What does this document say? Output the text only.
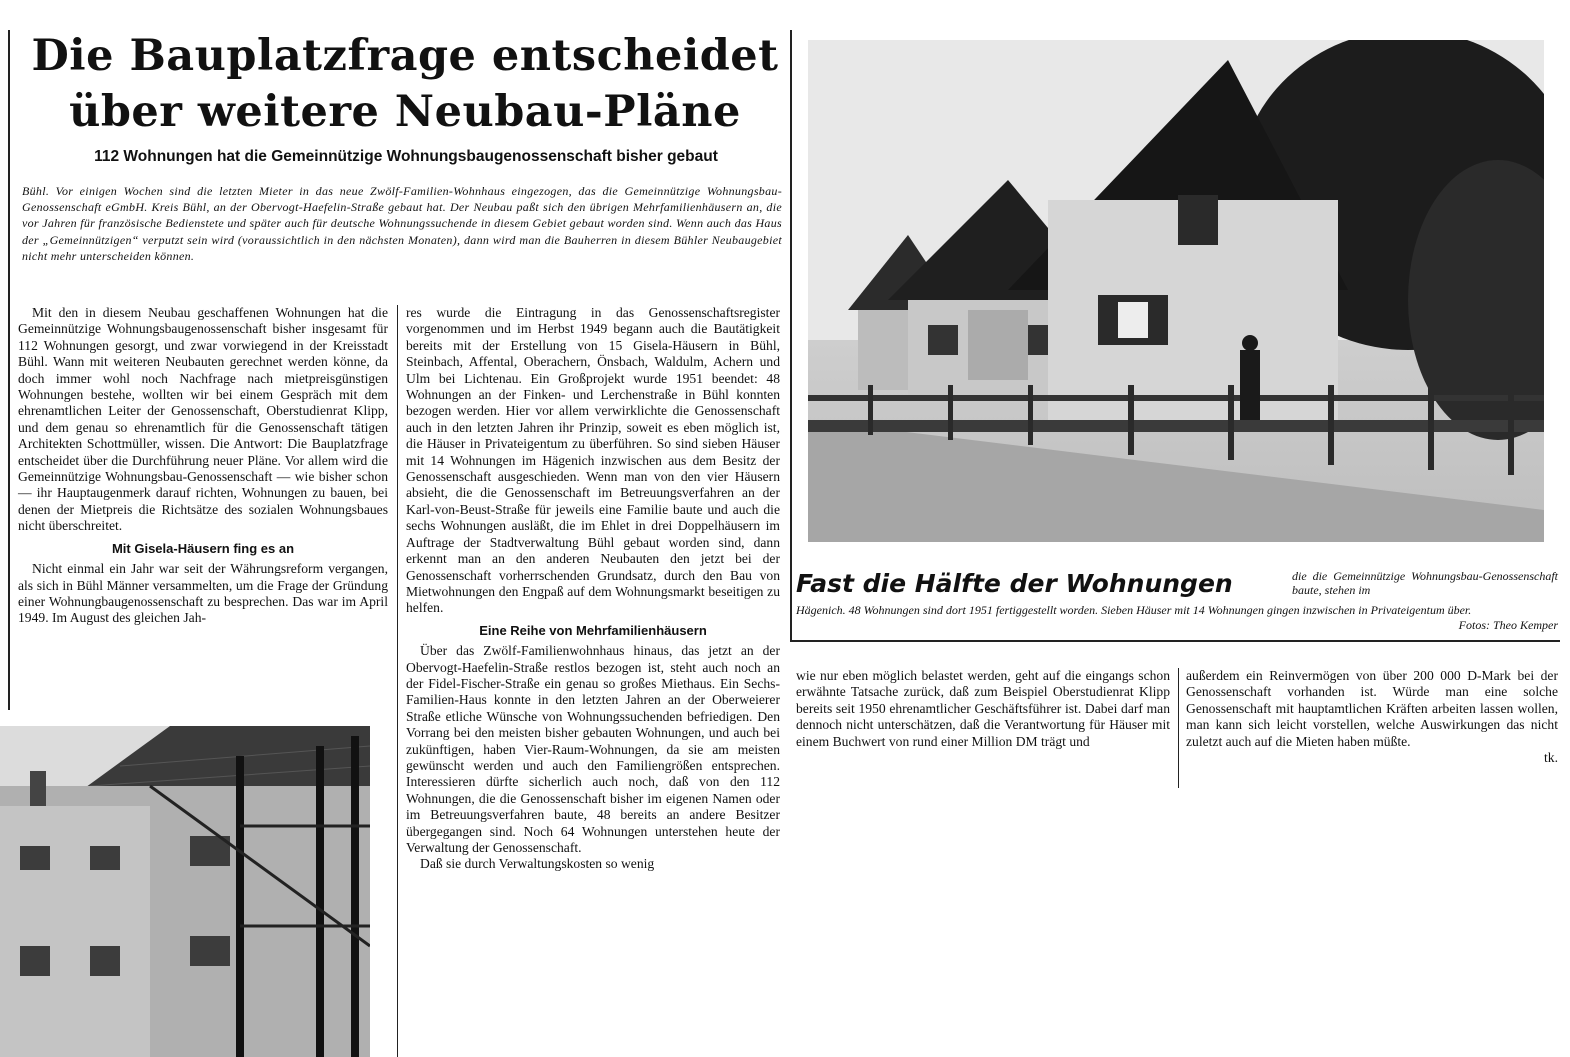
Die Bauplatzfrage entscheidet
über weitere Neubau-Pläne
112 Wohnungen hat die Gemeinnützige Wohnungsbaugenossenschaft bisher gebaut
Bühl. Vor einigen Wochen sind die letzten Mieter in das neue Zwölf-Familien-Wohnhaus eingezogen, das die Gemeinnützige Wohnungsbau-Genossenschaft eGmbH. Kreis Bühl, an der Obervogt-Haefelin-Straße gebaut hat. Der Neubau paßt sich den übrigen Mehrfamilienhäusern an, die vor Jahren für französische Bedienstete und später auch für deutsche Wohnungssuchende in diesem Gebiet gebaut worden sind. Wenn auch das Haus der „Gemeinnützigen“ verputzt sein wird (voraussichtlich in den nächsten Monaten), dann wird man die Bauherren in diesem Bühler Neubaugebiet nicht mehr unterscheiden können.

Mit den in diesem Neubau geschaffenen Wohnungen hat die Gemeinnützige Wohnungsbaugenossenschaft bisher insgesamt für 112 Wohnungen gesorgt, und zwar vorwiegend in der Kreisstadt Bühl. Wann mit weiteren Neubauten gerechnet werden könne, da doch immer wohl noch Nachfrage nach mietpreisgünstigen Wohnungen bestehe, wollten wir bei einem Gespräch mit dem ehrenamtlichen Leiter der Genossenschaft, Oberstudienrat Klipp, und dem genau so ehrenamtlich für die Genossenschaft tätigen Architekten Schottmüller, wissen. Die Antwort: Die Bauplatzfrage entscheidet über die Durchführung neuer Pläne. Vor allem wird die Gemeinnützige Wohnungsbau-Genossenschaft — wie bisher schon — ihr Hauptaugenmerk darauf richten, Wohnungen zu bauen, bei denen der Mietpreis die Richtsätze des sozialen Wohnungsbaues nicht überschreitet.

Mit Gisela-Häusern fing es an

Nicht einmal ein Jahr war seit der Währungsreform vergangen, als sich in Bühl Männer versammelten, um die Frage der Gründung einer Wohnungbaugenossenschaft zu besprechen. Das war im April 1949. Im August des gleichen Jah-

res wurde die Eintragung in das Genossenschaftsregister vorgenommen und im Herbst 1949 begann auch die Bautätigkeit bereits mit der Erstellung von 15 Gisela-Häusern in Bühl, Steinbach, Affental, Oberachern, Önsbach, Waldulm, Achern und Ulm bei Lichtenau. Ein Großprojekt wurde 1951 beendet: 48 Wohnungen an der Finken- und Lerchenstraße in Bühl konnten bezogen werden. Hier vor allem verwirklichte die Genossenschaft auch in den letzten Jahren ihr Prinzip, soweit es eben möglich ist, die Häuser in Privateigentum zu überführen. So sind sieben Häuser mit 14 Wohnungen im Hägenich inzwischen aus dem Besitz der Genossenschaft ausgeschieden. Wenn man von den vier Häusern absieht, die die Genossenschaft im Betreuungsverfahren an der Karl-von-Beust-Straße für jeweils eine Familie baute und auch die sechs Wohnungen ausläßt, die im Ehlet in drei Doppelhäusern im Auftrage der Stadtverwaltung Bühl gebaut worden sind, dann erkennt man an den anderen Neubauten den jetzt bei der Genossenschaft vorherrschenden Grundsatz, durch den Bau von Mietwohnungen den Engpaß auf dem Wohnungsmarkt beseitigen zu helfen.

Eine Reihe von Mehrfamilienhäusern

Über das Zwölf-Familienwohnhaus hinaus, das jetzt an der Obervogt-Haefelin-Straße restlos bezogen ist, steht auch noch an der Fidel-Fischer-Straße ein genau so großes Miethaus. Ein Sechs-Familien-Haus konnte in den letzten Jahren an der Oberweierer Straße etliche Wünsche von Wohnungssuchenden befriedigen. Den Vorrang bei den meisten bisher gebauten Wohnungen, und auch bei zukünftigen, haben Vier-Raum-Wohnungen, da sie am meisten gewünscht werden und auch den Familiengrößen entsprechen. Interessieren dürfte sicherlich auch noch, daß von den 112 Wohnungen, die die Genossenschaft bisher im eigenen Namen oder im Betreuungsverfahren baute, 48 bereits an andere Besitzer übergegangen sind. Noch 64 Wohnungen unterstehen heute der Verwaltung der Genossenschaft.

Daß sie durch Verwaltungskosten so wenig

Fast die Hälfte der Wohnungen	die die Gemeinnützige Wohnungsbau-Genossenschaft baute, stehen im
Hägenich. 48 Wohnungen sind dort 1951 fertiggestellt worden. Sieben Häuser mit 14 Wohnungen gingen inzwischen in Privateigentum über.
Fotos: Theo Kemper

wie nur eben möglich belastet werden, geht auf die eingangs schon erwähnte Tatsache zurück, daß zum Beispiel Oberstudienrat Klipp bereits seit 1950 ehrenamtlicher Geschäftsführer ist. Dabei darf man dennoch nicht unterschätzen, daß die Verantwortung für Häuser mit einem Buchwert von rund einer Million DM trägt und

außerdem ein Reinvermögen von über 200 000 D-Mark bei der Genossenschaft vorhanden ist. Würde man eine solche Genossenschaft mit hauptamtlichen Kräften arbeiten lassen wollen, man kann sich leicht vorstellen, welche Auswirkungen das nicht zuletzt auch auf die Mieten haben müßte.

tk.
